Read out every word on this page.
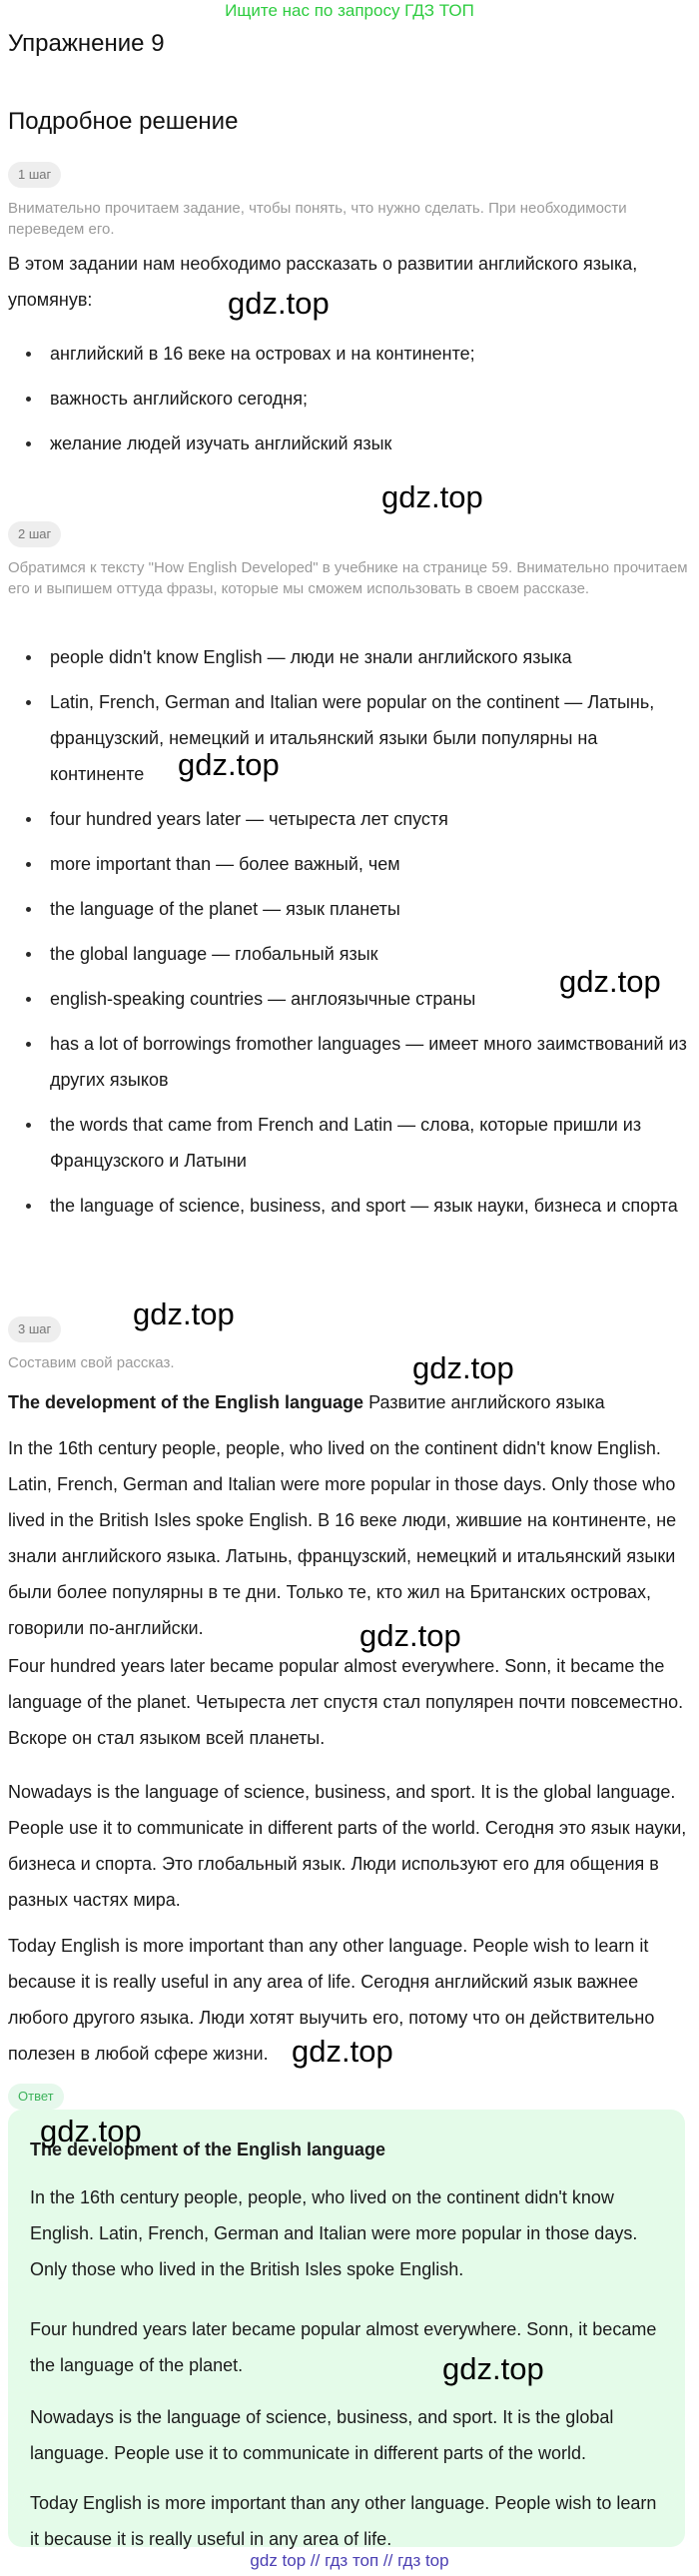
Ищите нас по запросу ГДЗ ТОП
Упражнение 9
Подробное решение
1 шаг
Внимательно прочитаем задание, чтобы понять, что нужно сделать. При необходимости переведем его.
В этом задании нам необходимо рассказать о развитии английского языка, упомянув:
английский в 16 веке на островах и на континенте;
важность английского сегодня;
желание людей изучать английский язык
2 шаг
Обратимся к тексту "How English Developed" в учебнике на странице 59. Внимательно прочитаем его и выпишем оттуда фразы, которые мы сможем использовать в своем рассказе.
people didn't know English — люди не знали английского языка
Latin, French, German and Italian were popular on the continent — Латынь, французский, немецкий и итальянский языки были популярны на континенте
four hundred years later — четыреста лет спустя
more important than — более важный, чем
the language of the planet — язык планеты
the global language — глобальный язык
english-speaking countries — англоязычные страны
has a lot of borrowings fromother languages — имеет много заимствований из других языков
the words that came from French and Latin — слова, которые пришли из Французского и Латыни
the language of science, business, and sport — язык науки, бизнеса и спорта
3 шаг
Составим свой рассказ.
The development of the English language Развитие английского языка
In the 16th century people, people, who lived on the continent didn't know English. Latin, French, German and Italian were more popular in those days. Only those who lived in the British Isles spoke English. В 16 веке люди, жившие на континенте, не знали английского языка. Латынь, французский, немецкий и итальянский языки были более популярны в те дни. Только те, кто жил на Британских островах, говорили по-английски.
Four hundred years later became popular almost everywhere. Sonn, it became the language of the planet. Четыреста лет спустя стал популярен почти повсеместно. Вскоре он стал языком всей планеты.
Nowadays is the language of science, business, and sport. It is the global language. People use it to communicate in different parts of the world. Сегодня это язык науки, бизнеса и спорта. Это глобальный язык. Люди используют его для общения в разных частях мира.
Today English is more important than any other language. People wish to learn it because it is really useful in any area of life. Сегодня английский язык важнее любого другого языка. Люди хотят выучить его, потому что он действительно полезен в любой сфере жизни.
Ответ
The development of the English language
In the 16th century people, people, who lived on the continent didn't know English. Latin, French, German and Italian were more popular in those days. Only those who lived in the British Isles spoke English.
Four hundred years later became popular almost everywhere. Sonn, it became the language of the planet.
Nowadays is the language of science, business, and sport. It is the global language. People use it to communicate in different parts of the world.
Today English is more important than any other language. People wish to learn it because it is really useful in any area of life.
gdz.top
gdz.top
gdz.top
gdz.top
gdz.top
gdz.top
gdz.top
gdz.top
gdz.top
gdz.top
gdz top // гдз топ // гдз top
